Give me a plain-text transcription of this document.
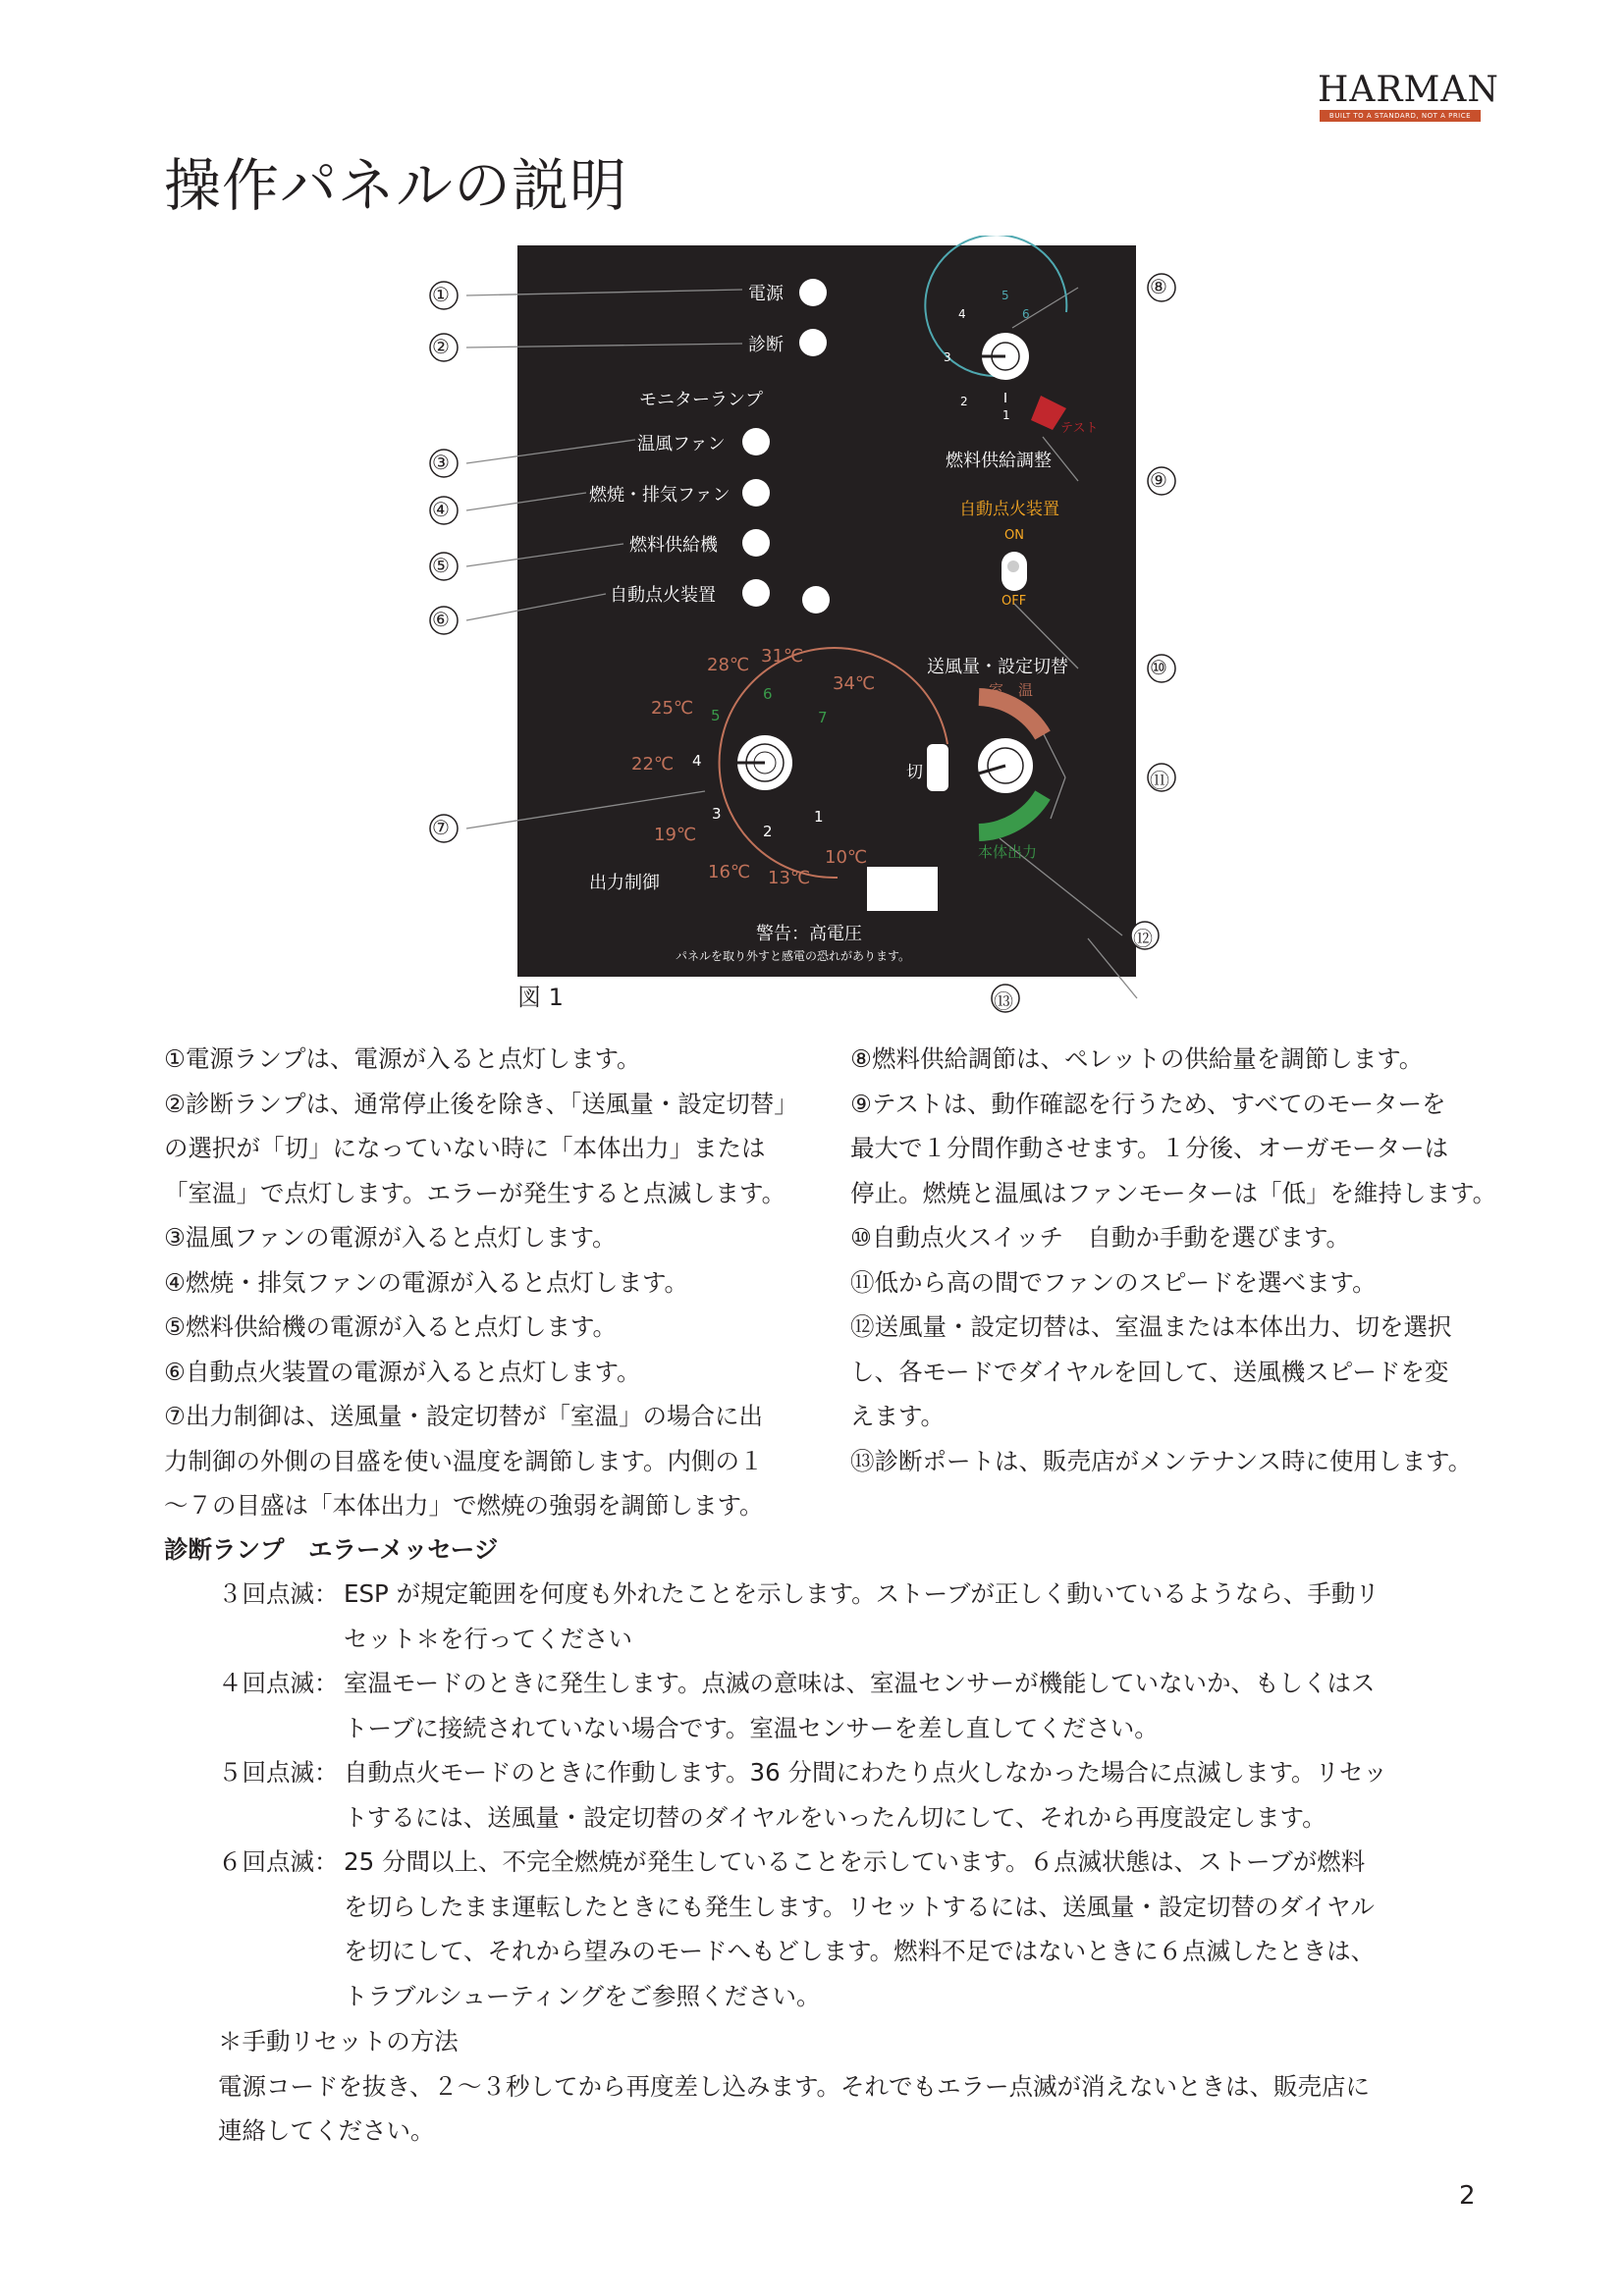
HARMAN
BUILT TO A STANDARD, NOT A PRICE
操作パネルの説明
①
②
③
④
⑤
⑥
⑦
⑧
⑨
⑩
⑪
⑫
⑬
電源
診断
モニターランプ
温風ファン
燃焼・排気ファン
燃料供給機
自動点火装置
5
6
4
3
2
1
テスト
燃料供給調整
自動点火装置
ON
OFF
送風量・設定切替
切
室　温
本体出力
31℃
28℃
34℃
25℃
22℃
19℃
16℃ 13℃
10℃
6
5	7
4
3
2
1
出力制御
警告：高電圧
パネルを取り外すと感電の恐れがあります。
図 1

①電源ランプは、電源が入ると点灯します。

②診断ランプは、通常停止後を除き、「送風量・設定切替」

の選択が「切」になっていない時に「本体出力」または

「室温」で点灯します。エラーが発生すると点滅します。

③温風ファンの電源が入ると点灯します。

④燃焼・排気ファンの電源が入ると点灯します。

⑤燃料供給機の電源が入ると点灯します。

⑥自動点火装置の電源が入ると点灯します。

⑦出力制御は、送風量・設定切替が「室温」の場合に出

力制御の外側の目盛を使い温度を調節します。内側の１

～７の目盛は「本体出力」で燃焼の強弱を調節します。

⑧燃料供給調節は、ペレットの供給量を調節します。

⑨テストは、動作確認を行うため、すべてのモーターを

最大で１分間作動させます。１分後、オーガモーターは

停止。燃焼と温風はファンモーターは「低」を維持します。

⑩自動点火スイッチ　自動か手動を選びます。

⑪低から高の間でファンのスピードを選べます。

⑫送風量・設定切替は、室温または本体出力、切を選択

し、各モードでダイヤルを回して、送風機スピードを変

えます。

⑬診断ポートは、販売店がメンテナンス時に使用します。

診断ランプ　エラーメッセージ
３回点滅： ESP が規定範囲を何度も外れたことを示します。ストーブが正しく動いているようなら、手動リ
セット＊を行ってください
４回点滅： 室温モードのときに発生します。点滅の意味は、室温センサーが機能していないか、もしくはス
トーブに接続されていない場合です。室温センサーを差し直してください。
５回点滅： 自動点火モードのときに作動します。36 分間にわたり点火しなかった場合に点滅します。リセッ
トするには、送風量・設定切替のダイヤルをいったん切にして、それから再度設定します。
６回点滅： 25 分間以上、不完全燃焼が発生していることを示しています。６点滅状態は、ストーブが燃料
を切らしたまま運転したときにも発生します。リセットするには、送風量・設定切替のダイヤル
を切にして、それから望みのモードへもどします。燃料不足ではないときに６点滅したときは、
トラブルシューティングをご参照ください。
＊手動リセットの方法
電源コードを抜き、２～３秒してから再度差し込みます。それでもエラー点滅が消えないときは、販売店に
連絡してください。
2
